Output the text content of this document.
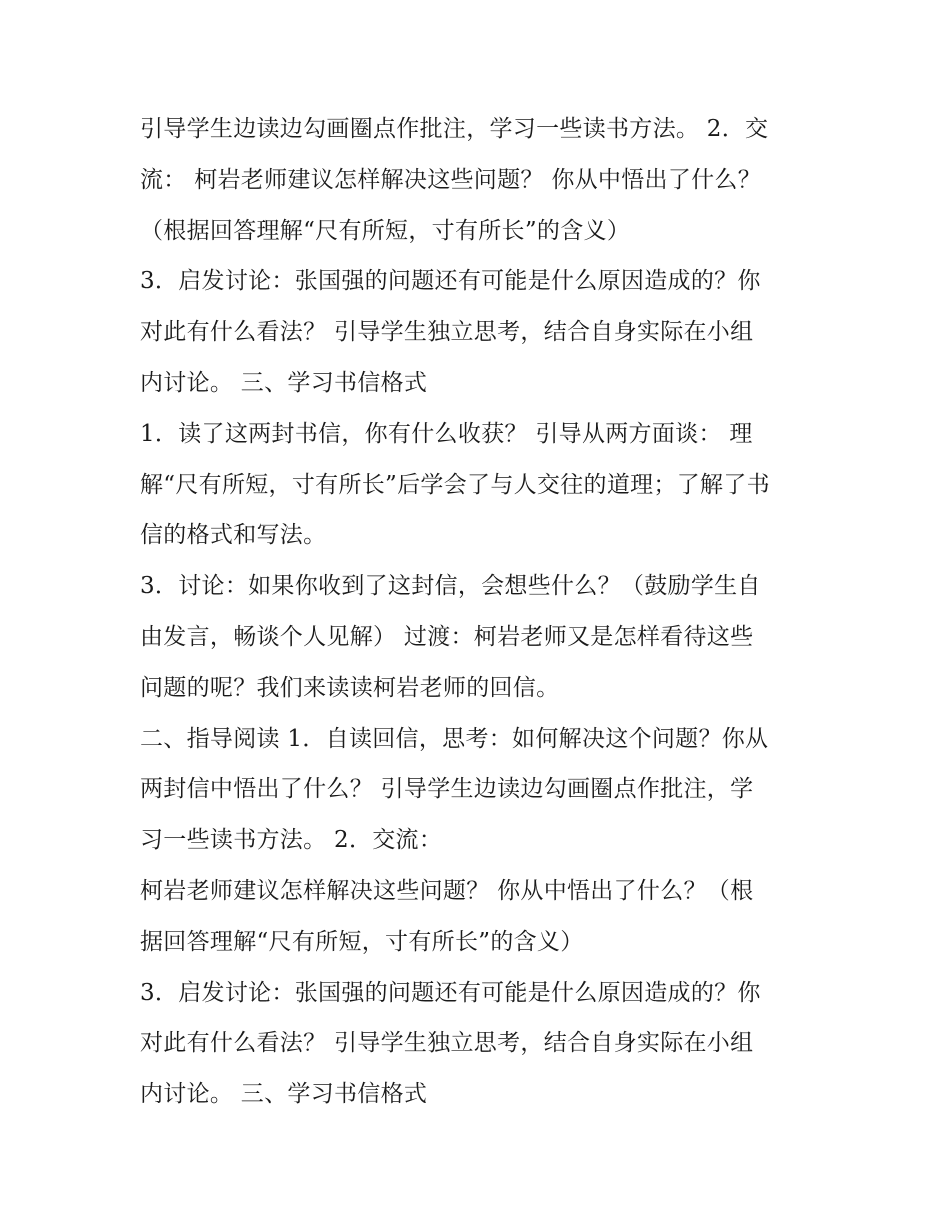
引导学生边读边勾画圈点作批注，学习一些读书方法。 2．交
流： 柯岩老师建议怎样解决这些问题？ 你从中悟出了什么？
（根据回答理解“尺有所短，寸有所长”的含义）
3．启发讨论：张国强的问题还有可能是什么原因造成的？你
对此有什么看法？ 引导学生独立思考，结合自身实际在小组
内讨论。 三、学习书信格式
1．读了这两封书信，你有什么收获？ 引导从两方面谈： 理
解“尺有所短，寸有所长”后学会了与人交往的道理；了解了书
信的格式和写法。
3．讨论：如果你收到了这封信，会想些什么？（鼓励学生自
由发言，畅谈个人见解） 过渡：柯岩老师又是怎样看待这些
问题的呢？我们来读读柯岩老师的回信。
二、指导阅读 1．自读回信，思考：如何解决这个问题？你从
两封信中悟出了什么？ 引导学生边读边勾画圈点作批注，学
习一些读书方法。 2．交流：
柯岩老师建议怎样解决这些问题？ 你从中悟出了什么？（根
据回答理解“尺有所短，寸有所长”的含义）
3．启发讨论：张国强的问题还有可能是什么原因造成的？你
对此有什么看法？ 引导学生独立思考，结合自身实际在小组
内讨论。 三、学习书信格式
